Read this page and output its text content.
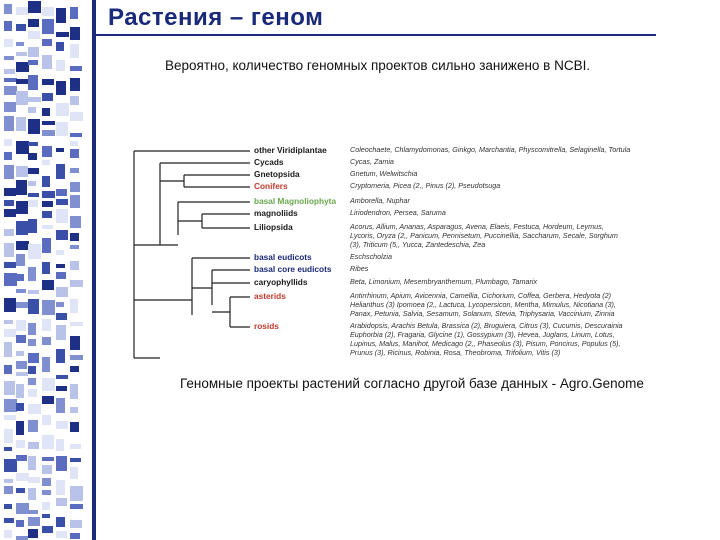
Растения – геном
Вероятно, количество геномных проектов сильно занижено в NCBI.
other Viridiplantae	Coleochaete, Chlamydomonas, Ginkgo, Marchantia, Physcomitrella, Selaginella, Tortula
Cycads	Cycas, Zamia
Gnetopsida	Gnetum, Welwitschia
Conifers	Cryptomeria, Picea (2,, Pinus (2), Pseudotsuga
basal Magnoliophyta Amborella, Nuphar
magnoliids	Liriodendron, Persea, Saruma
Liliopsida	Acorus, Allium, Ananas, Asparagus, Avena, Elaeis, Festuca, Hordeum, Leymus,
Lycoris, Oryza (2,, Panicum, Pennisetum, Puccinellia, Saccharum, Secale, Sorghum
(3), Triticum (5,, Yucca, Zantedeschia, Zea
basal eudicots	Eschscholzia
basal core eudicots	Ribes
caryophyllids	Beta, Limonium, Mesembryanthemum, Plumbago, Tamarix
asterids	Antirrhinum, Apium, Avicennia, Camellia, Cichorium, Coffea, Gerbera, Hedyota (2)
Helianthus (3) Ipomoea (2,, Lactuca, Lycopersicon, Mentha, Mimulus, Nicotiana (3),
Panax, Petunia, Salvia, Sesamum, Solanum, Stevia, Triphysaria, Vaccinium, Zinnia
rosids	Arabidopsis, Arachis Betula, Brassica (2), Bruguiera, Citrus (3), Cucumis, Descurainia
Euphorbia (2), Fragaria, Glycine (1), Gossypium (3), Hevea, Juglans, Linum, Lotus,
Lupinus, Malus, Manihot, Medicago (2,, Phaseolus (3), Pisum, Poncirus, Populus (5),
Prunus (3), Ricinus, Robinia, Rosa, Theobroma, Trifolium, Vitis (3)
Геномные проекты растений согласно другой базе данных - Agro.Genome
